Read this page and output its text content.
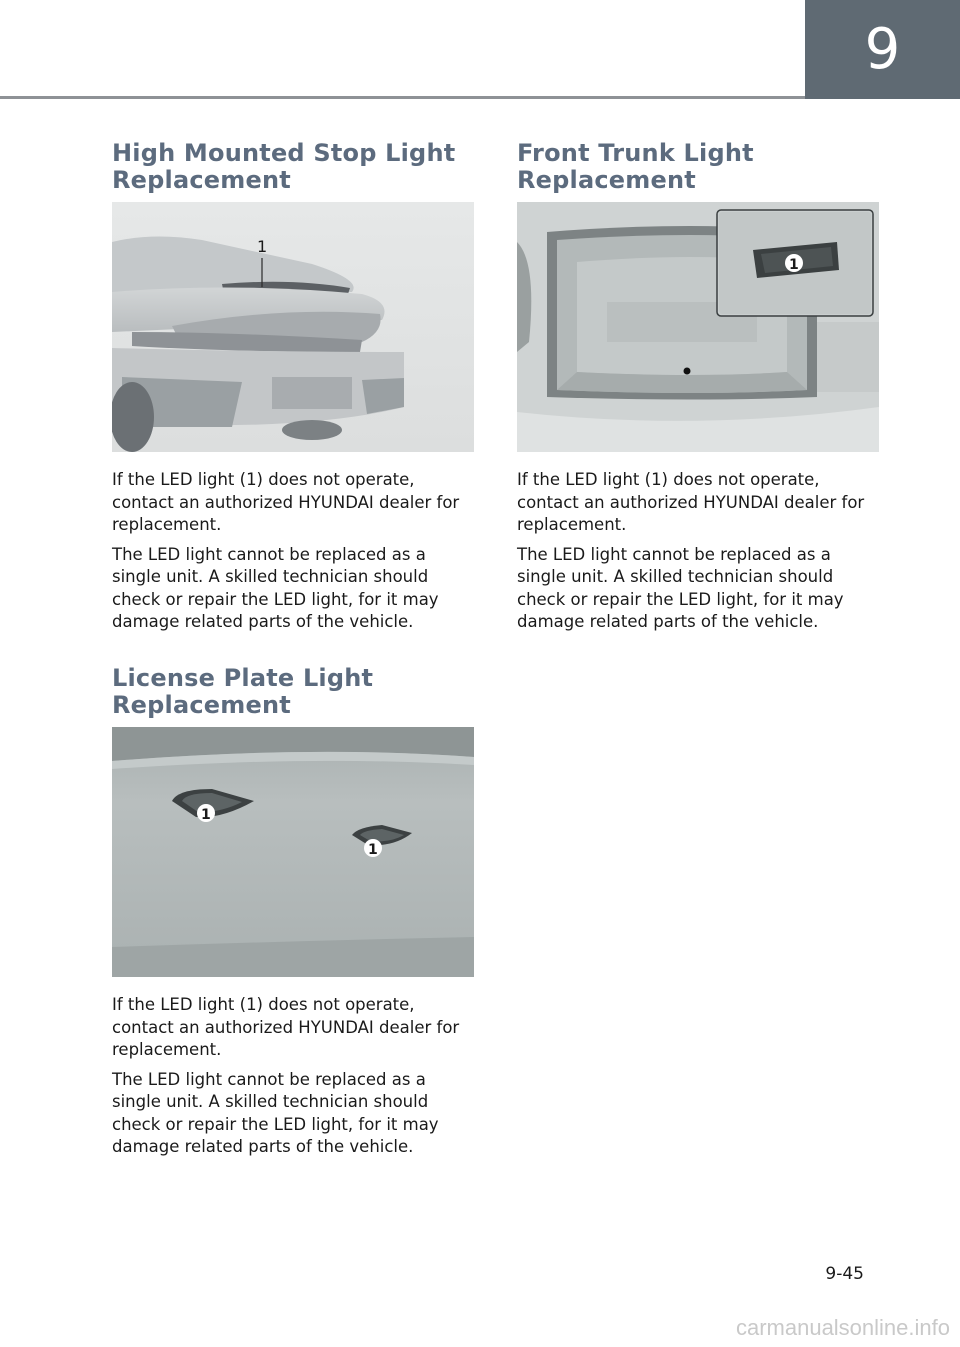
9
High Mounted Stop Light
Replacement
1

If the LED light (1) does not operate, contact an authorized HYUNDAI dealer for replacement.

The LED light cannot be replaced as a single unit. A skilled technician should check or repair the LED light, for it may damage related parts of the vehicle.

License Plate Light
Replacement
1
1

If the LED light (1) does not operate, contact an authorized HYUNDAI dealer for replacement.

The LED light cannot be replaced as a single unit. A skilled technician should check or repair the LED light, for it may damage related parts of the vehicle.

Front Trunk Light
Replacement
1

If the LED light (1) does not operate, contact an authorized HYUNDAI dealer for replacement.

The LED light cannot be replaced as a single unit. A skilled technician should check or repair the LED light, for it may damage related parts of the vehicle.

9-45
carmanualsonline.info
